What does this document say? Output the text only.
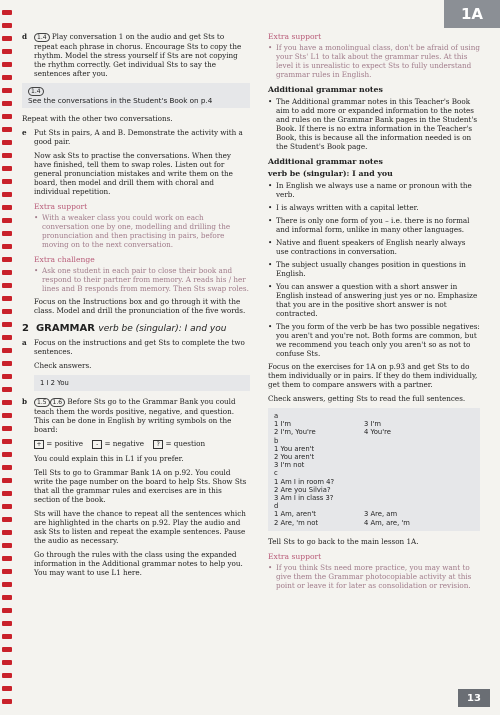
1A

d 1.4 Play conversation 1 on the audio and get Sts to repeat each phrase in chorus. Encourage Sts to copy the rhythm. Model the stress yourself if Sts are not copying the rhythm correctly. Get individual Sts to say the sentences after you.

1.4
See the conversations in the Student's Book on p.4

Repeat with the other two conversations.

e Put Sts in pairs, A and B. Demonstrate the activity with a good pair.

Now ask Sts to practise the conversations. When they have finished, tell them to swap roles. Listen out for general pronunciation mistakes and write them on the board, then model and drill them with choral and individual repetition.

Extra support
• With a weaker class you could work on each conversation one by one, modelling and drilling the pronunciation and then practising in pairs, before moving on to the next conversation.
Extra challenge
• Ask one student in each pair to close their book and respond to their partner from memory. A reads his / her lines and B responds from memory. Then Sts swap roles.

Focus on the Instructions box and go through it with the class. Model and drill the pronunciation of the five words.

2 GRAMMAR verb be (singular): I and you

a Focus on the instructions and get Sts to complete the two sentences.

Check answers.

1 I 2 You

b 1.5 1.6 Before Sts go to the Grammar Bank you could teach them the words positive, negative, and question. This can be done in English by writing symbols on the board:

+ = positive - = negative ? = question

You could explain this in L1 if you prefer.

Tell Sts to go to Grammar Bank 1A on p.92. You could write the page number on the board to help Sts. Show Sts that all the grammar rules and exercises are in this section of the book.

Sts will have the chance to repeat all the sentences which are highlighted in the charts on p.92. Play the audio and ask Sts to listen and repeat the example sentences. Pause the audio as necessary.

Go through the rules with the class using the expanded information in the Additional grammar notes to help you. You may want to use L1 here.

Extra support
• If you have a monolingual class, don't be afraid of using your Sts' L1 to talk about the grammar rules. At this level it is unrealistic to expect Sts to fully understand grammar rules in English.
Additional grammar notes
• The Additional grammar notes in this Teacher's Book aim to add more or expanded information to the notes and rules on the Grammar Bank pages in the Student's Book. If there is no extra information in the Teacher's Book, this is because all the information needed is on the Student's Book page.
Additional grammar notes
verb be (singular): I and you
• In English we always use a name or pronoun with the verb.
• I is always written with a capital letter.
• There is only one form of you – i.e. there is no formal and informal form, unlike in many other languages.
• Native and fluent speakers of English nearly always use contractions in conversation.
• The subject usually changes position in questions in English.
• You can answer a question with a short answer in English instead of answering just yes or no. Emphasize that you are in the positive short answer is not contracted.
• The you form of the verb be has two possible negatives: you aren't and you're not. Both forms are common, but we recommend you teach only you aren't so as not to confuse Sts.

Focus on the exercises for 1A on p.93 and get Sts to do them individually or in pairs. If they do them individually, get them to compare answers with a partner.

Check answers, getting Sts to read the full sentences.

a
1 I'm	3 I'm
2 I'm, You're	4 You're
b
1 You aren't
2 You aren't
3 I'm not
c
1 Am I in room 4?
2 Are you Silvia?
3 Am I in class 3?
d
1 Am, aren't	3 Are, am
2 Are, 'm not	4 Am, are, 'm

Tell Sts to go back to the main lesson 1A.

Extra support
• If you think Sts need more practice, you may want to give them the Grammar photocopiable activity at this point or leave it for later as consolidation or revision.
13
